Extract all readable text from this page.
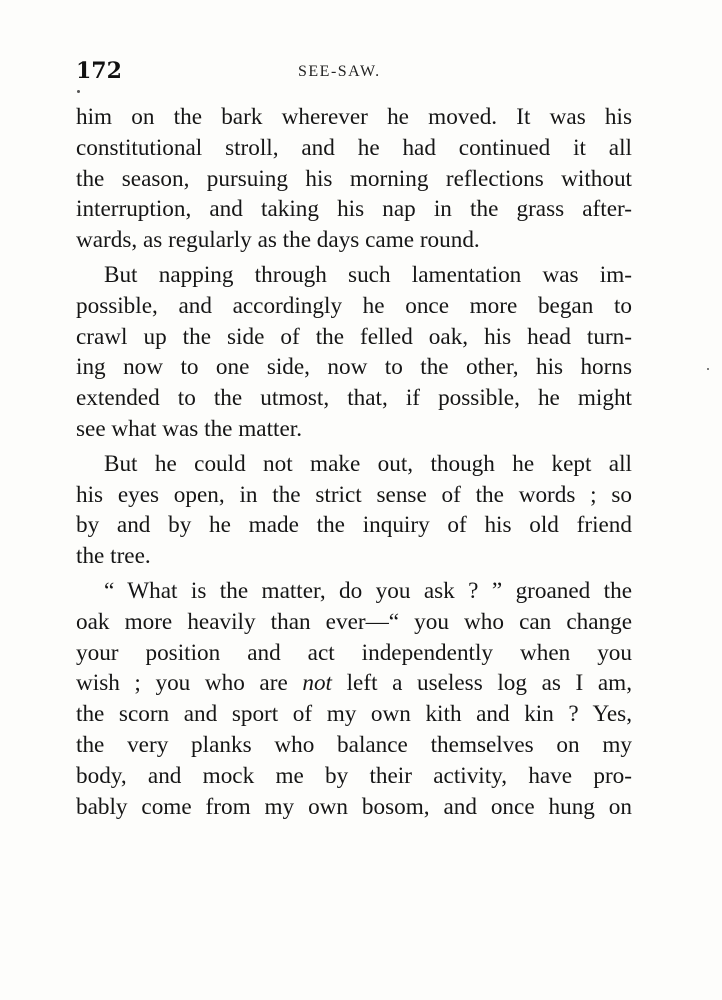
172	SEE-SAW.

him on the bark wherever he moved. It was his
constitutional stroll, and he had continued it all
the season, pursuing his morning reflections without
interruption, and taking his nap in the grass after-
wards, as regularly as the days came round.

But napping through such lamentation was im-
possible, and accordingly he once more began to
crawl up the side of the felled oak, his head turn-
ing now to one side, now to the other, his horns
extended to the utmost, that, if possible, he might
see what was the matter.

But he could not make out, though he kept all
his eyes open, in the strict sense of the words ; so
by and by he made the inquiry of his old friend
the tree.

“ What is the matter, do you ask ? ” groaned the
oak more heavily than ever—“ you who can change
your position and act independently when you
wish ; you who are not left a useless log as I am,
the scorn and sport of my own kith and kin ? Yes,
the very planks who balance themselves on my
body, and mock me by their activity, have pro-
bably come from my own bosom, and once hung on
